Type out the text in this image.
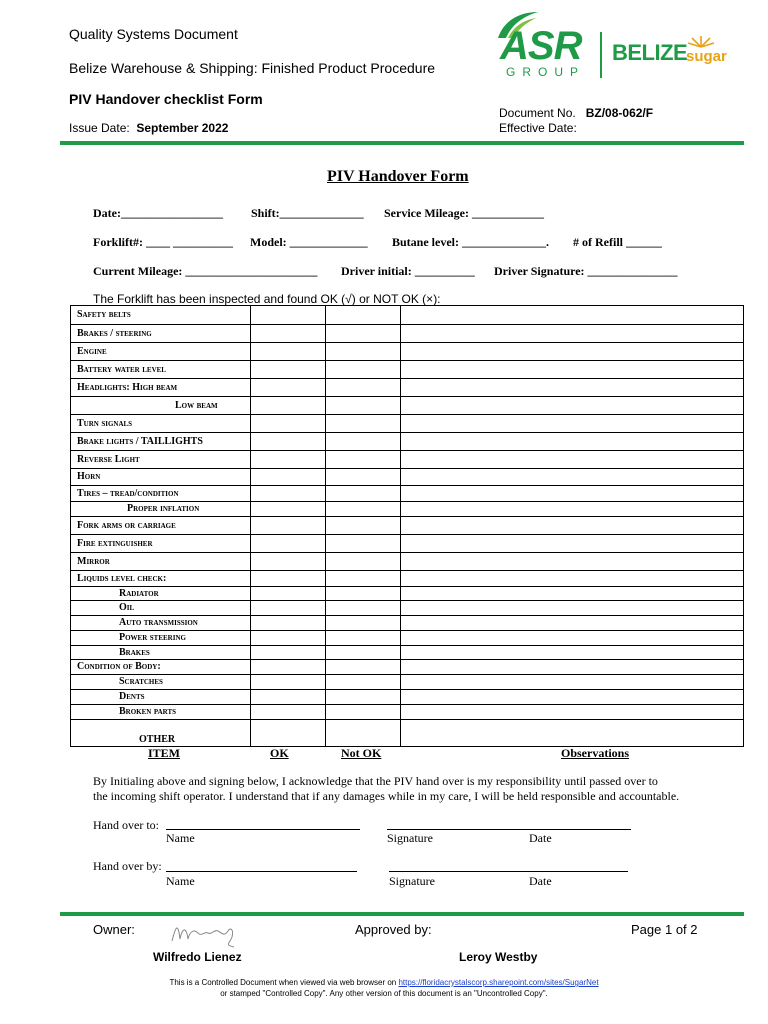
Quality Systems Document
Belize Warehouse & Shipping: Finished Product Procedure
PIV Handover checklist Form
Issue Date: September 2022
Document No. BZ/08-062/F
Effective Date:
ASR
GROUP
BELIZE
sugar
PIV Handover Form
Date:_________________ Shift:______________ Service Mileage: ____________
Forklift#: ____ __________ Model: _____________ Butane level: ______________. # of Refill ______
Current Mileage: ______________________ Driver initial: __________ Driver Signature: _______________
The Forklift has been inspected and found OK (√) or NOT OK (×):
Safety belts			
Brakes / steering			
Engine			
Battery water level			
Headlights: High beam			
Low beam			
Turn signals			
Brake lights / TAILLIGHTS			
Reverse Light			
Horn			
Tires – tread/condition			
Proper inflation			
Fork arms or carriage			
Fire extinguisher			
Mirror			
Liquids level check:			
Radiator			
Oil			
Auto transmission			
Power steering			
Brakes			
Condition of Body:			
Scratches			
Dents			
Broken parts			
OTHER			
ITEM	OK	Not OK	Observations
By Initialing above and signing below, I acknowledge that the PIV hand over is my responsibility until passed over to
the incoming shift operator. I understand that if any damages while in my care, I will be held responsible and accountable.
Hand over to:
Name	Signature	Date
Hand over by:
Name	Signature	Date
Owner:
Wilfredo Lienez
Approved by:
Leroy Westby
Page 1 of 2
This is a Controlled Document when viewed via web browser on https://floridacrystalscorp.sharepoint.com/sites/SugarNet
or stamped "Controlled Copy". Any other version of this document is an "Uncontrolled Copy".
